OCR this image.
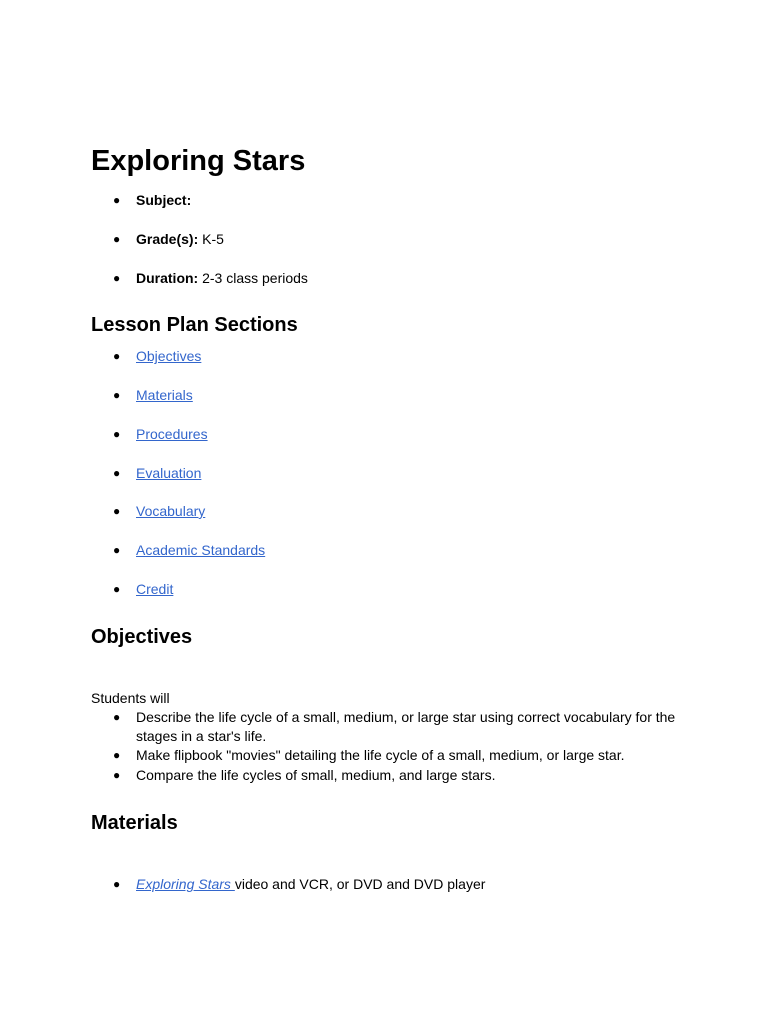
Exploring Stars
● Subject:
● Grade(s): K-5
● Duration: 2-3 class periods
Lesson Plan Sections
● Objectives
● Materials
● Procedures
● Evaluation
● Vocabulary
● Academic Standards
● Credit
Objectives
Students will
● Describe the life cycle of a small, medium, or large star using correct vocabulary for the stages in a star's life.
● Make flipbook "movies" detailing the life cycle of a small, medium, or large star.
● Compare the life cycles of small, medium, and large stars.
Materials
● Exploring Stars video and VCR, or DVD and DVD player
